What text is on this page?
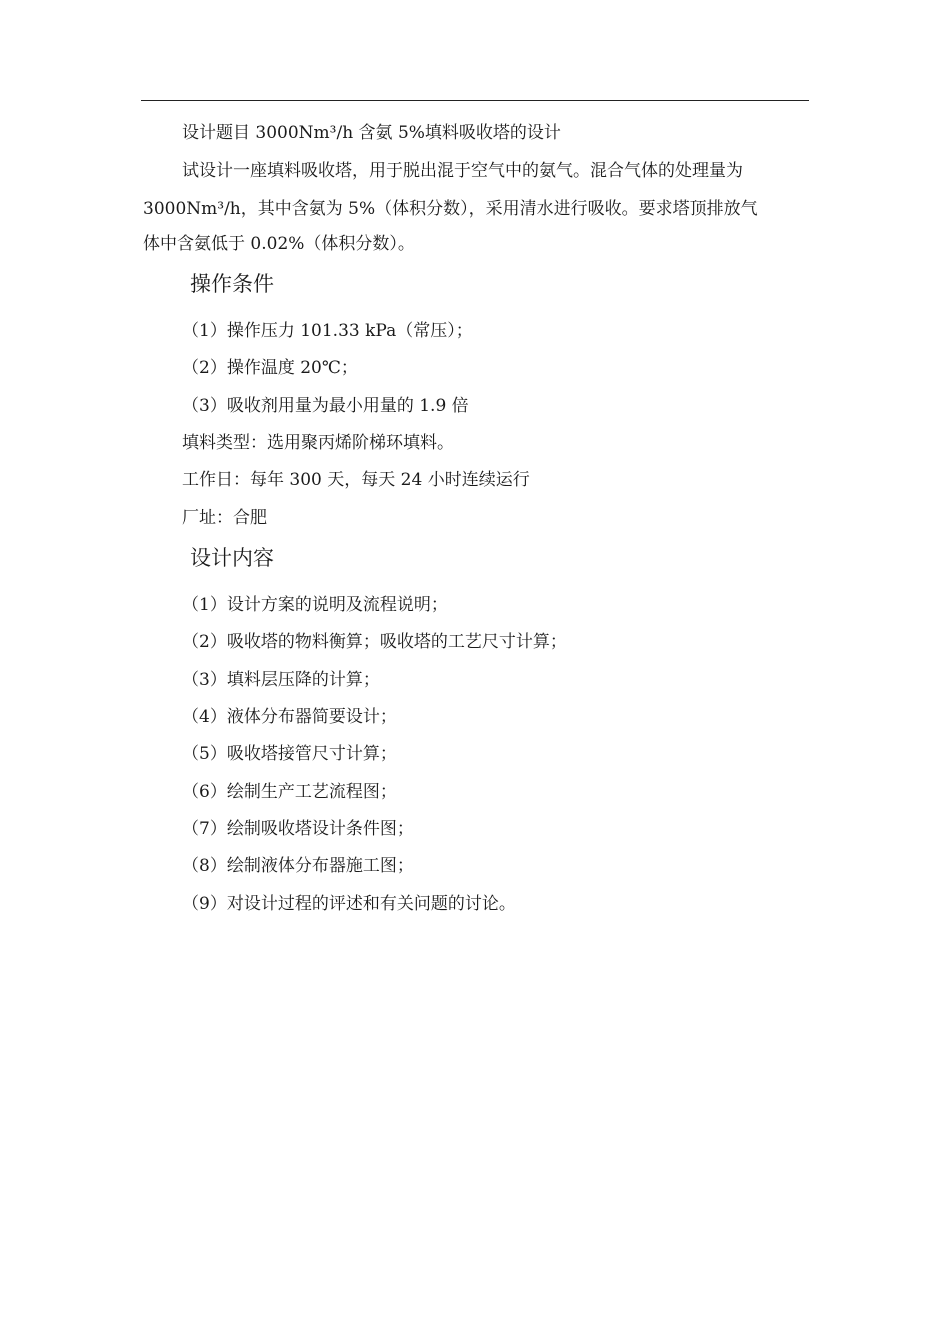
设计题目 3000Nm³/h 含氨 5%填料吸收塔的设计
试设计一座填料吸收塔，用于脱出混于空气中的氨气。混合气体的处理量为
3000Nm³/h，其中含氨为 5%（体积分数），采用清水进行吸收。要求塔顶排放气
体中含氨低于 0.02%（体积分数）。
操作条件
（1）操作压力 101.33 kPa（常压）；
（2）操作温度 20℃；
（3）吸收剂用量为最小用量的 1.9 倍
填料类型：选用聚丙烯阶梯环填料。
工作日：每年 300 天，每天 24 小时连续运行
厂址：合肥
设计内容
（1）设计方案的说明及流程说明；
（2）吸收塔的物料衡算；吸收塔的工艺尺寸计算；
（3）填料层压降的计算；
（4）液体分布器简要设计；
（5）吸收塔接管尺寸计算；
（6）绘制生产工艺流程图；
（7）绘制吸收塔设计条件图；
（8）绘制液体分布器施工图；
（9）对设计过程的评述和有关问题的讨论。
